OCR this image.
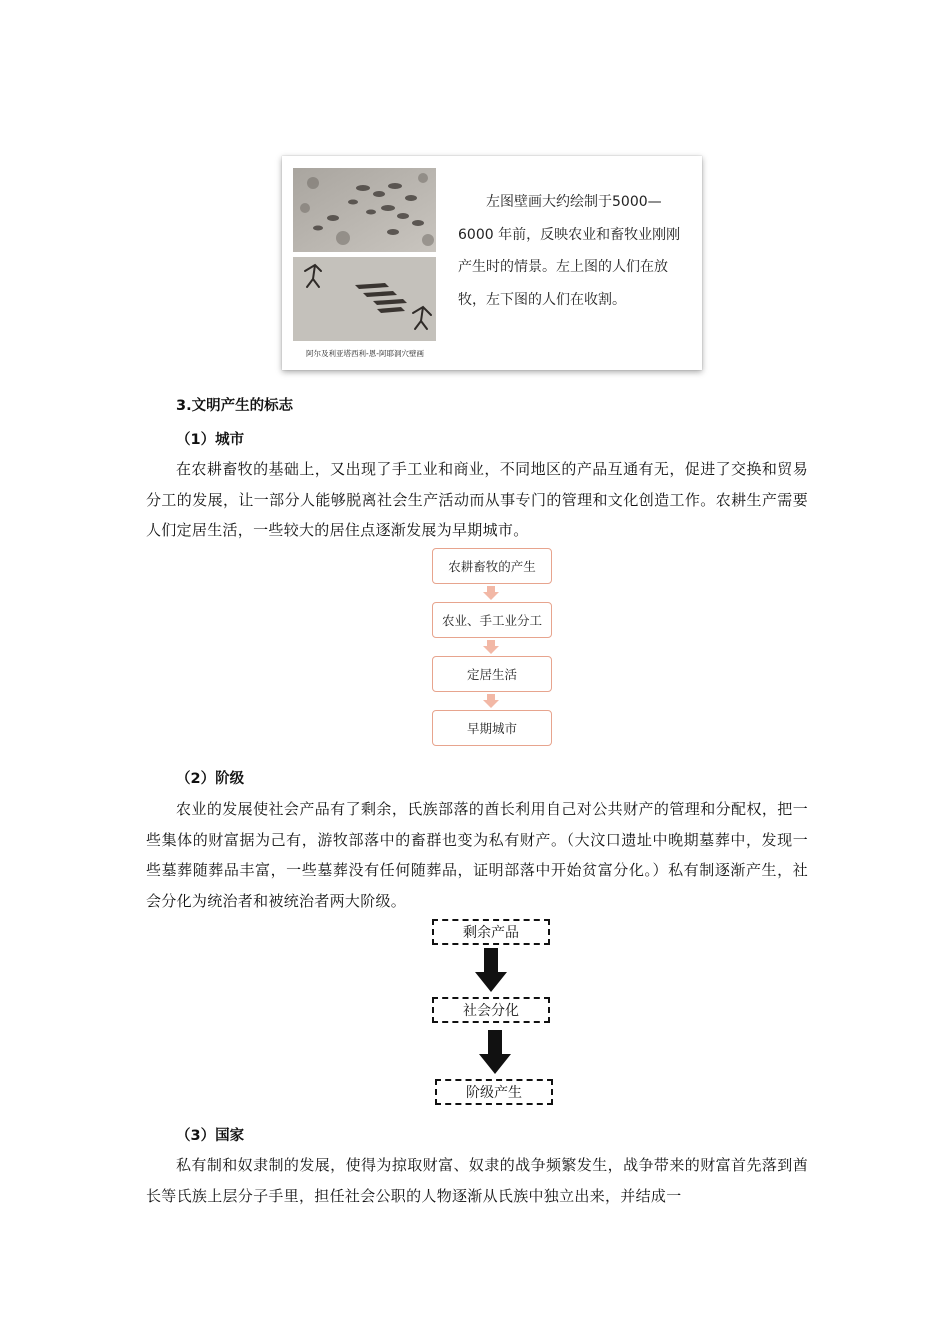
阿尔及利亚塔西利-恩-阿耶洞穴壁画
左图壁画大约绘制于5000—6000 年前，反映农业和畜牧业刚刚产生时的情景。左上图的人们在放牧，左下图的人们在收割。
3.文明产生的标志
（1）城市
在农耕畜牧的基础上，又出现了手工业和商业，不同地区的产品互通有无，促进了交换和贸易分工的发展，让一部分人能够脱离社会生产活动而从事专门的管理和文化创造工作。农耕生产需要人们定居生活，一些较大的居住点逐渐发展为早期城市。
农耕畜牧的产生
农业、手工业分工
定居生活
早期城市
（2）阶级
农业的发展使社会产品有了剩余，氏族部落的酋长利用自己对公共财产的管理和分配权，把一些集体的财富据为己有，游牧部落中的畜群也变为私有财产。（大汶口遗址中晚期墓葬中，发现一些墓葬随葬品丰富，一些墓葬没有任何随葬品，证明部落中开始贫富分化。）私有制逐渐产生，社会分化为统治者和被统治者两大阶级。
剩余产品
社会分化
阶级产生
（3）国家
私有制和奴隶制的发展，使得为掠取财富、奴隶的战争频繁发生，战争带来的财富首先落到酋长等氏族上层分子手里，担任社会公职的人物逐渐从氏族中独立出来，并结成一
